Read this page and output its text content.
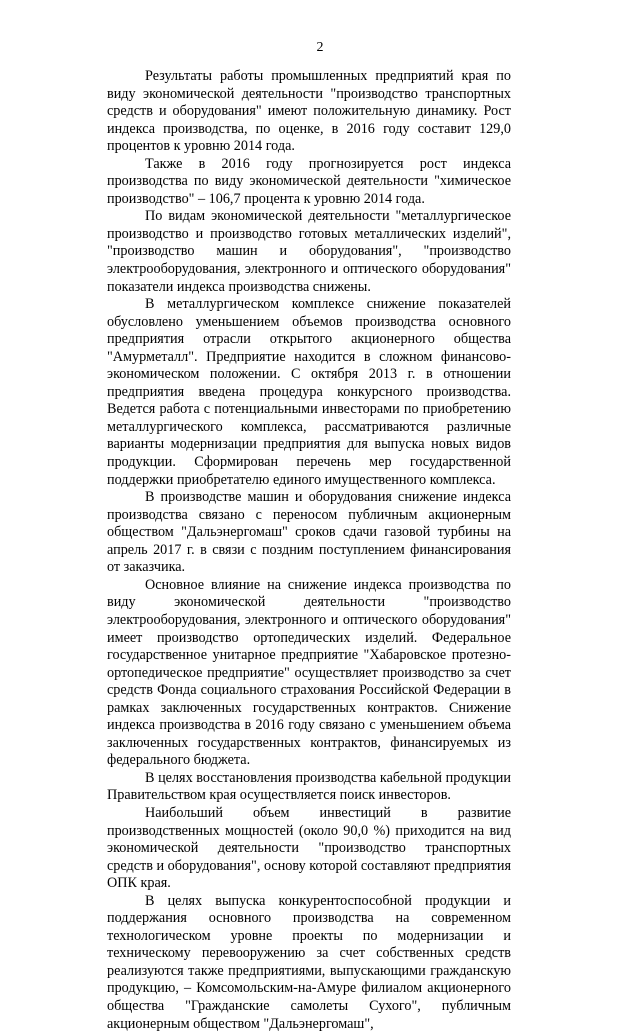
2

Результаты работы промышленных предприятий края по виду экономической деятельности "производство транспортных средств и оборудования" имеют положительную динамику. Рост индекса производства, по оценке, в 2016 году составит 129,0 процентов к уровню 2014 года.

Также в 2016 году прогнозируется рост индекса производства по виду экономической деятельности "химическое производство" – 106,7 процента к уровню 2014 года.

По видам экономической деятельности "металлургическое производство и производство готовых металлических изделий", "производство машин и оборудования", "производство электрооборудования, электронного и оптического оборудования" показатели индекса производства снижены.

В металлургическом комплексе снижение показателей обусловлено уменьшением объемов производства основного предприятия отрасли открытого акционерного общества "Амурметалл". Предприятие находится в сложном финансово-экономическом положении. С октября 2013 г. в отношении предприятия введена процедура конкурсного производства. Ведется работа с потенциальными инвесторами по приобретению металлургического комплекса, рассматриваются различные варианты модернизации предприятия для выпуска новых видов продукции. Сформирован перечень мер государственной поддержки приобретателю единого имущественного комплекса.

В производстве машин и оборудования снижение индекса производства связано с переносом публичным акционерным обществом "Дальэнергомаш" сроков сдачи газовой турбины на апрель 2017 г. в связи с поздним поступлением финансирования от заказчика.

Основное влияние на снижение индекса производства по виду экономической деятельности "производство электрооборудования, электронного и оптического оборудования" имеет производство ортопедических изделий. Федеральное государственное унитарное предприятие "Хабаровское протезно-ортопедическое предприятие" осуществляет производство за счет средств Фонда социального страхования Российской Федерации в рамках заключенных государственных контрактов. Снижение индекса производства в 2016 году связано с уменьшением объема заключенных государственных контрактов, финансируемых из федерального бюджета.

В целях восстановления производства кабельной продукции Правительством края осуществляется поиск инвесторов.

Наибольший объем инвестиций в развитие производственных мощностей (около 90,0 %) приходится на вид экономической деятельности "производство транспортных средств и оборудования", основу которой составляют предприятия ОПК края.

В целях выпуска конкурентоспособной продукции и поддержания основного производства на современном технологическом уровне проекты по модернизации и техническому перевооружению за счет собственных средств реализуются также предприятиями, выпускающими гражданскую продукцию, – Комсомольским-на-Амуре филиалом акционерного общества "Гражданские самолеты Сухого", публичным акционерным обществом "Дальэнергомаш",
